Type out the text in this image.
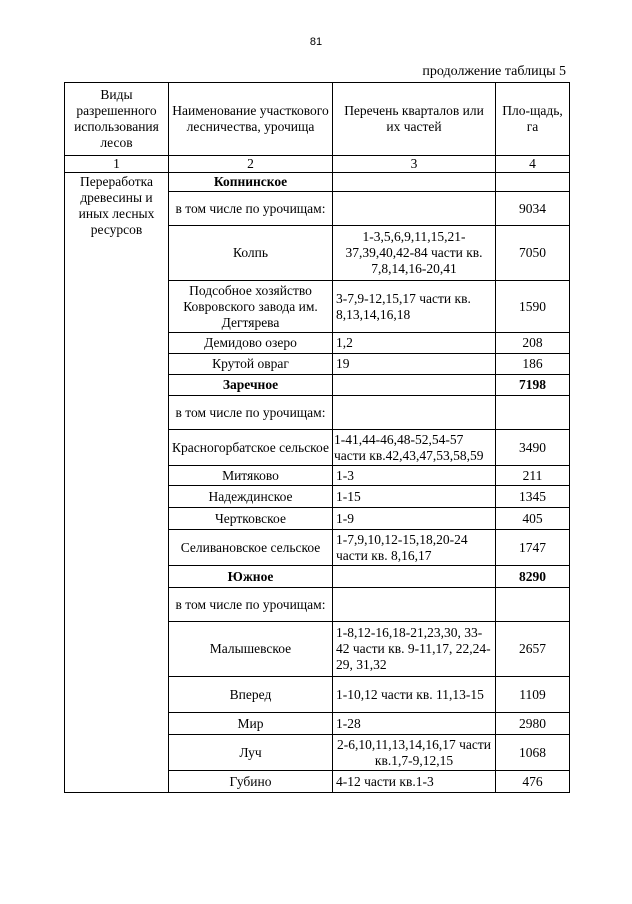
81
продолжение таблицы 5
Виды разрешенного использования лесов	Наименование участкового лесничества, урочища	Перечень кварталов или их частей	Пло-щадь, га
1	2	3	4
Переработка древесины и иных лесных ресурсов	Копнинское		
	в том числе по урочищам:		9034
	Колпь	1-3,5,6,9,11,15,21-37,39,40,42-84 части кв. 7,8,14,16-20,41	7050
	Подсобное хозяйство Ковровского завода им. Дегтярева	3-7,9-12,15,17 части кв. 8,13,14,16,18	1590
	Демидово озеро	1,2	208
	Крутой овраг	19	186
	Заречное		7198
	в том числе по урочищам:		
	Красногорбатское сельское	1-41,44-46,48-52,54-57 части кв.42,43,47,53,58,59	3490
	Митяково	1-3	211
	Надеждинское	1-15	1345
	Чертковское	1-9	405
	Селивановское сельское	1-7,9,10,12-15,18,20-24 части кв. 8,16,17	1747
	Южное		8290
	в том числе по урочищам:		
	Малышевское	1-8,12-16,18-21,23,30, 33-42 части кв. 9-11,17, 22,24-29, 31,32	2657
	Вперед	1-10,12 части кв. 11,13-15	1109
	Мир	1-28	2980
	Луч	2-6,10,11,13,14,16,17 части кв.1,7-9,12,15	1068
	Губино	4-12 части кв.1-3	476
